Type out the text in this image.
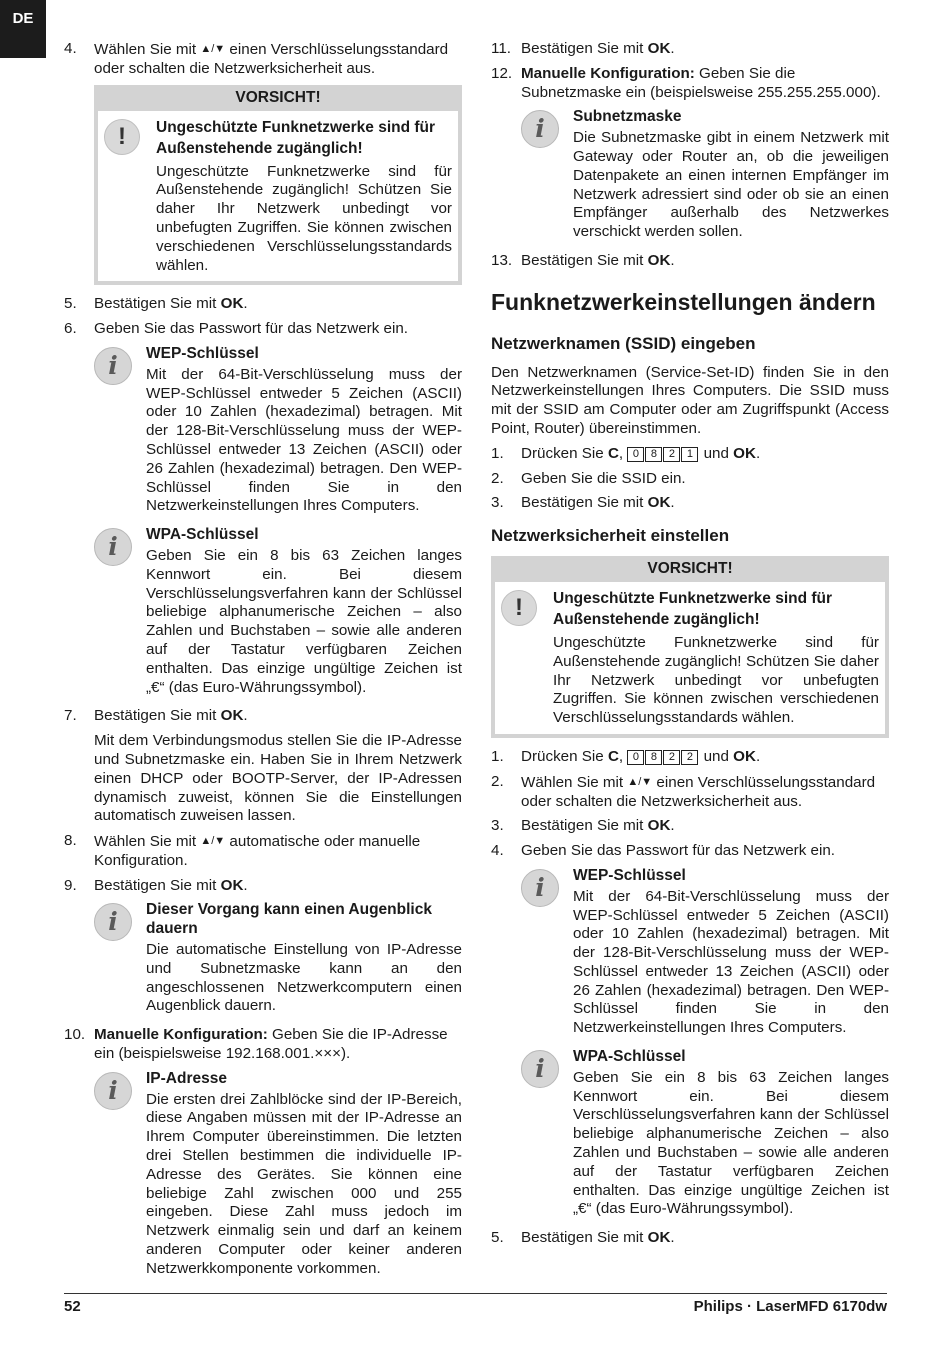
DE
4.	Wählen Sie mit ▲/▼ einen Verschlüsselungsstandard oder schalten die Netzwerksicherheit aus.
VORSICHT!
!	Ungeschützte Funknetzwerke sind für Außenstehende zugänglich!
Ungeschützte Funknetzwerke sind für Außenstehende zugänglich! Schützen Sie daher Ihr Netzwerk unbedingt vor unbefugten Zugriffen. Sie können zwischen verschiedenen Verschlüsselungsstandards wählen.
5.	Bestätigen Sie mit OK.
6.	Geben Sie das Passwort für das Netzwerk ein.
i	WEP-Schlüssel
Mit der 64-Bit-Verschlüsselung muss der WEP-Schlüssel entweder 5 Zeichen (ASCII) oder 10 Zahlen (hexadezimal) betragen. Mit der 128-Bit-Verschlüsselung muss der WEP-Schlüssel entweder 13 Zeichen (ASCII) oder 26 Zahlen (hexadezimal) betragen. Den WEP-Schlüssel finden Sie in den Netzwerkeinstellungen Ihres Computers.
i	WPA-Schlüssel
Geben Sie ein 8 bis 63 Zeichen langes Kennwort ein. Bei diesem Verschlüsselungsverfahren kann der Schlüssel beliebige alphanumerische Zeichen – also Zahlen und Buchstaben – sowie alle anderen auf der Tastatur verfügbaren Zeichen enthalten. Das einzige ungültige Zeichen ist „€“ (das Euro-Währungssymbol).
7.	Bestätigen Sie mit OK.
Mit dem Verbindungsmodus stellen Sie die IP-Adresse und Subnetzmaske ein. Haben Sie in Ihrem Netzwerk einen DHCP oder BOOTP-Server, der IP-Adressen dynamisch zuweist, können Sie die Einstellungen automatisch zuweisen lassen.
8.	Wählen Sie mit ▲/▼ automatische oder manuelle Konfiguration.
9.	Bestätigen Sie mit OK.
i	Dieser Vorgang kann einen Augenblick dauern
Die automatische Einstellung von IP-Adresse und Subnetzmaske kann an den angeschlossenen Netzwerkcomputern einen Augenblick dauern.
10. Manuelle Konfiguration: Geben Sie die IP-Adresse ein (beispielsweise 192.168.001.×××).
i	IP-Adresse
Die ersten drei Zahlblöcke sind der IP-Bereich, diese Angaben müssen mit der IP-Adresse an Ihrem Computer übereinstimmen. Die letzten drei Stellen bestimmen die individuelle IP-Adresse des Gerätes. Sie können eine beliebige Zahl zwischen 000 und 255 eingeben. Diese Zahl muss jedoch im Netzwerk einmalig sein und darf an keinem anderen Computer oder keiner anderen Netzwerkkomponente vorkommen.
11. Bestätigen Sie mit OK.
12. Manuelle Konfiguration: Geben Sie die Subnetzmaske ein (beispielsweise 255.255.255.000).
i	Subnetzmaske
Die Subnetzmaske gibt in einem Netzwerk mit Gateway oder Router an, ob die jeweiligen Datenpakete an einen internen Empfänger im Netzwerk adressiert sind oder ob sie an einen Empfänger außerhalb des Netzwerkes verschickt werden sollen.
13. Bestätigen Sie mit OK.
Funknetzwerkeinstellungen ändern
Netzwerknamen (SSID) eingeben
Den Netzwerknamen (Service-Set-ID) finden Sie in den Netzwerkeinstellungen Ihres Computers. Die SSID muss mit der SSID am Computer oder am Zugriffspunkt (Access Point, Router) übereinstimmen.
1.	Drücken Sie C, 0 8 2 1 und OK.
2.	Geben Sie die SSID ein.
3.	Bestätigen Sie mit OK.
Netzwerksicherheit einstellen
VORSICHT!
!	Ungeschützte Funknetzwerke sind für Außenstehende zugänglich!
Ungeschützte Funknetzwerke sind für Außenstehende zugänglich! Schützen Sie daher Ihr Netzwerk unbedingt vor unbefugten Zugriffen. Sie können zwischen verschiedenen Verschlüsselungsstandards wählen.
1.	Drücken Sie C, 0 8 2 2 und OK.
2.	Wählen Sie mit ▲/▼ einen Verschlüsselungsstandard oder schalten die Netzwerksicherheit aus.
3.	Bestätigen Sie mit OK.
4.	Geben Sie das Passwort für das Netzwerk ein.
i	WEP-Schlüssel
Mit der 64-Bit-Verschlüsselung muss der WEP-Schlüssel entweder 5 Zeichen (ASCII) oder 10 Zahlen (hexadezimal) betragen. Mit der 128-Bit-Verschlüsselung muss der WEP-Schlüssel entweder 13 Zeichen (ASCII) oder 26 Zahlen (hexadezimal) betragen. Den WEP-Schlüssel finden Sie in den Netzwerkeinstellungen Ihres Computers.
i	WPA-Schlüssel
Geben Sie ein 8 bis 63 Zeichen langes Kennwort ein. Bei diesem Verschlüsselungsverfahren kann der Schlüssel beliebige alphanumerische Zeichen – also Zahlen und Buchstaben – sowie alle anderen auf der Tastatur verfügbaren Zeichen enthalten. Das einzige ungültige Zeichen ist „€“ (das Euro-Währungssymbol).
5.	Bestätigen Sie mit OK.
52	Philips · LaserMFD 6170dw
